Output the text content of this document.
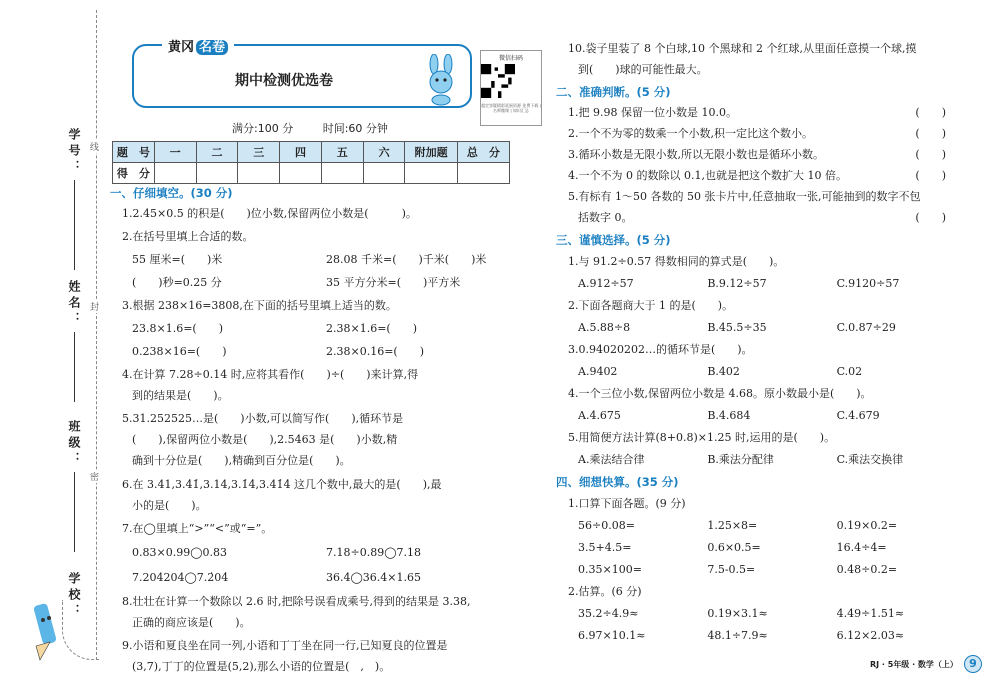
学号：
姓名：
班级：
学校：
线
封
密
黄冈 名卷
期中检测优选卷
微信扫码
超定答疑精彩延展资源 免费下载 | 名师微课 | 知识汇总
满分:100 分	时间:60 分钟
题　号	一	二	三	四	五	六	附加题	总　分
得　分								
一、仔细填空。(30 分)
1.2.45×0.5 的积是(　　)位小数,保留两位小数是(　　　)。
2.在括号里填上合适的数。
55 厘米=(　　)米	28.08 千米=(　　)千米(　　)米
(　　)秒=0.25 分	35 平方分米=(　　)平方米
3.根据 238×16=3808,在下面的括号里填上适当的数。
23.8×1.6=(　　)	2.38×1.6=(　　)
0.238×16=(　　)	2.38×0.16=(　　)
4.在计算 7.28÷0.14 时,应将其看作(　　)÷(　　)来计算,得
到的结果是(　　)。
5.31.252525…是(　　)小数,可以简写作(　　),循环节是
(　　),保留两位小数是(　　),2.5463 是(　　)小数,精
确到十分位是(　　),精确到百分位是(　　)。
6.在 3.41,3.4̇1̇,3.14,3.1̇4̇,3.41̇4̇ 这几个数中,最大的是(　　),最
小的是(　　)。
7.在◯里填上“>”“<”或“=”。
0.83×0.99◯0.83	7.18÷0.89◯7.18
7.204204◯7.2̇04̇	36.4◯36.4×1.65
8.壮壮在计算一个数除以 2.6 时,把除号误看成乘号,得到的结果是 3.38,
正确的商应该是(　　)。
9.小语和夏良坐在同一列,小语和丁丁坐在同一行,已知夏良的位置是
(3,7),丁丁的位置是(5,2),那么小语的位置是(　,　)。
10.袋子里装了 8 个白球,10 个黑球和 2 个红球,从里面任意摸一个球,摸
到(　　)球的可能性最大。
二、准确判断。(5 分)
1.把 9.98 保留一位小数是 10.0。	(　　)
2.一个不为零的数乘一个小数,积一定比这个数小。	(　　)
3.循环小数是无限小数,所以无限小数也是循环小数。	(　　)
4.一个不为 0 的数除以 0.1,也就是把这个数扩大 10 倍。	(　　)
5.有标有 1～50 各数的 50 张卡片中,任意抽取一张,可能抽到的数字不包
括数字 0。	(　　)
三、谨慎选择。(5 分)
1.与 91.2÷0.57 得数相同的算式是(　　)。
A.912÷57	B.9.12÷57	C.9120÷57
2.下面各题商大于 1 的是(　　)。
A.5.88÷8	B.45.5÷35	C.0.87÷29
3.0.94020202…的循环节是(　　)。
A.9402	B.402	C.02
4.一个三位小数,保留两位小数是 4.68。原小数最小是(　　)。
A.4.675	B.4.684	C.4.679
5.用简便方法计算(8+0.8)×1.25 时,运用的是(　　)。
A.乘法结合律	B.乘法分配律	C.乘法交换律
四、细想快算。(35 分)
1.口算下面各题。(9 分)
56÷0.08=	1.25×8=	0.19×0.2=
3.5+4.5=	0.6×0.5=	16.4÷4=
0.35×100=	7.5-0.5=	0.48÷0.2=
2.估算。(6 分)
35.2÷4.9≈	0.19×3.1≈	4.49÷1.51≈
6.97×10.1≈	48.1÷7.9≈	6.12×2.03≈
RJ · 5年级 · 数学（上）	9
